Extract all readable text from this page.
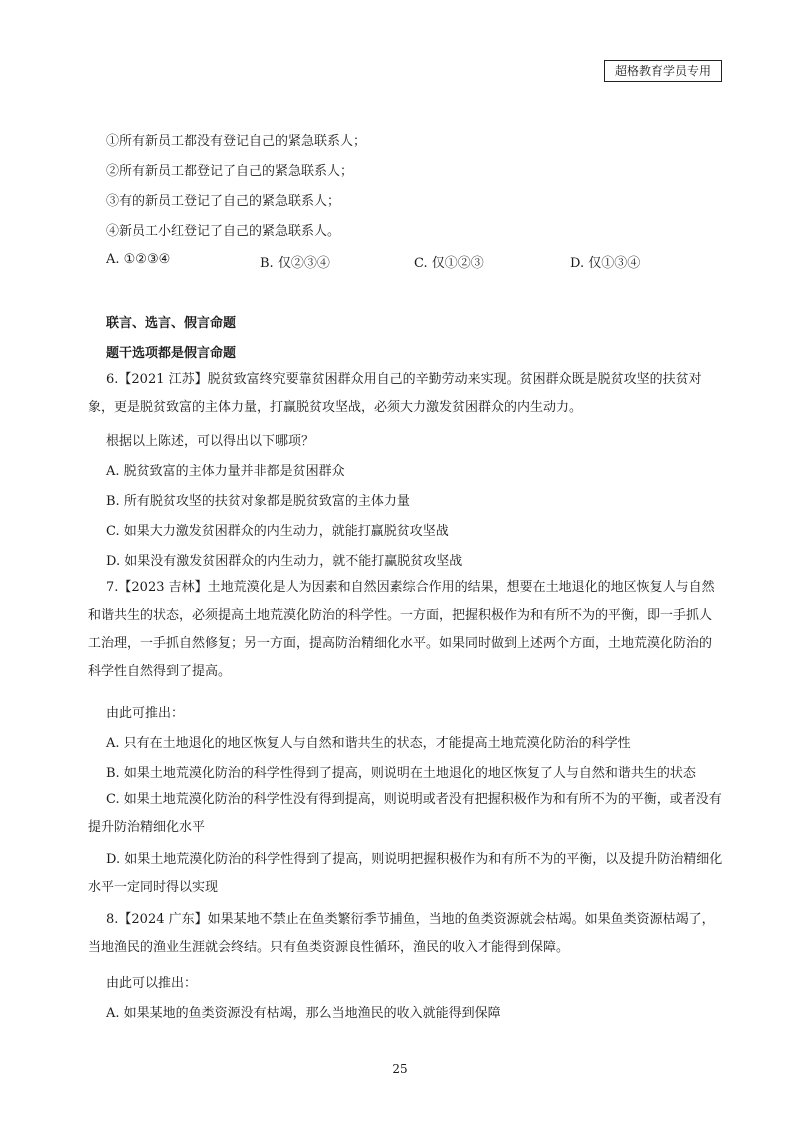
超格教育学员专用
①所有新员工都没有登记自己的紧急联系人；
②所有新员工都登记了自己的紧急联系人；
③有的新员工登记了自己的紧急联系人；
④新员工小红登记了自己的紧急联系人。
A. ①②③④	B. 仅②③④	C. 仅①②③	D. 仅①③④
联言、选言、假言命题
题干选项都是假言命题
6.【2021 江苏】脱贫致富终究要靠贫困群众用自己的辛勤劳动来实现。贫困群众既是脱贫攻坚的扶贫对象，更是脱贫致富的主体力量，打赢脱贫攻坚战，必须大力激发贫困群众的内生动力。
根据以上陈述，可以得出以下哪项？
A. 脱贫致富的主体力量并非都是贫困群众
B. 所有脱贫攻坚的扶贫对象都是脱贫致富的主体力量
C. 如果大力激发贫困群众的内生动力，就能打赢脱贫攻坚战
D. 如果没有激发贫困群众的内生动力，就不能打赢脱贫攻坚战
7.【2023 吉林】土地荒漠化是人为因素和自然因素综合作用的结果，想要在土地退化的地区恢复人与自然和谐共生的状态，必须提高土地荒漠化防治的科学性。一方面，把握积极作为和有所不为的平衡，即一手抓人工治理，一手抓自然修复；另一方面，提高防治精细化水平。如果同时做到上述两个方面，土地荒漠化防治的科学性自然得到了提高。
由此可推出：
A. 只有在土地退化的地区恢复人与自然和谐共生的状态，才能提高土地荒漠化防治的科学性
B. 如果土地荒漠化防治的科学性得到了提高，则说明在土地退化的地区恢复了人与自然和谐共生的状态
C. 如果土地荒漠化防治的科学性没有得到提高，则说明或者没有把握积极作为和有所不为的平衡，或者没有提升防治精细化水平
D. 如果土地荒漠化防治的科学性得到了提高，则说明把握积极作为和有所不为的平衡，以及提升防治精细化水平一定同时得以实现
8.【2024 广东】如果某地不禁止在鱼类繁衍季节捕鱼，当地的鱼类资源就会枯竭。如果鱼类资源枯竭了，当地渔民的渔业生涯就会终结。只有鱼类资源良性循环，渔民的收入才能得到保障。
由此可以推出：
A. 如果某地的鱼类资源没有枯竭，那么当地渔民的收入就能得到保障
25
